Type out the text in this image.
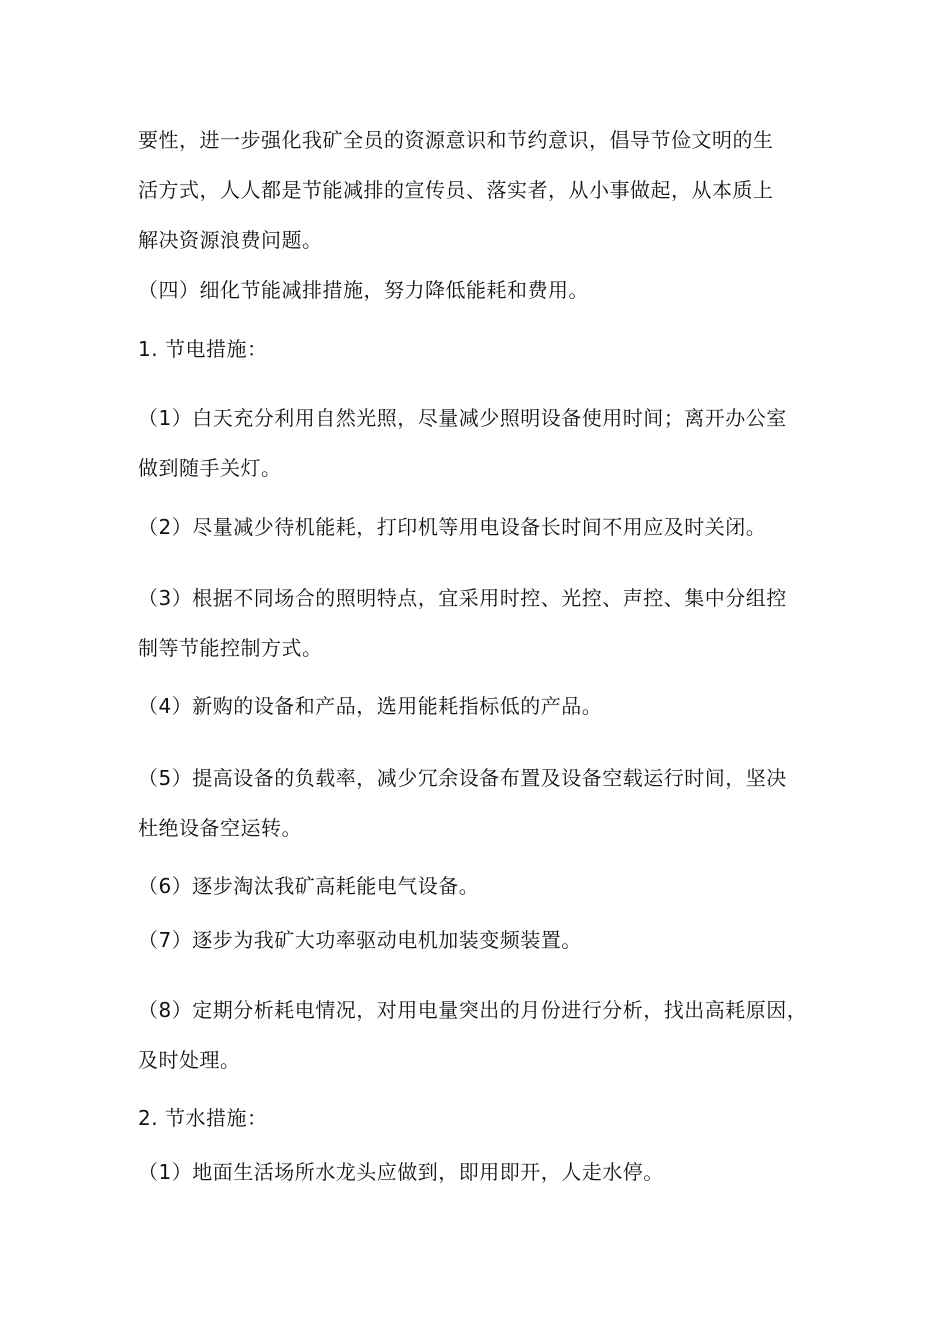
要性，进一步强化我矿全员的资源意识和节约意识，倡导节俭文明的生
活方式，人人都是节能减排的宣传员、落实者，从小事做起，从本质上
解决资源浪费问题。
（四）细化节能减排措施，努力降低能耗和费用。
1. 节电措施：
（1）白天充分利用自然光照，尽量减少照明设备使用时间；离开办公室
做到随手关灯。
（2）尽量减少待机能耗，打印机等用电设备长时间不用应及时关闭。
（3）根据不同场合的照明特点，宜采用时控、光控、声控、集中分组控
制等节能控制方式。
（4）新购的设备和产品，选用能耗指标低的产品。
（5）提高设备的负载率，减少冗余设备布置及设备空载运行时间，坚决
杜绝设备空运转。
（6）逐步淘汰我矿高耗能电气设备。
（7）逐步为我矿大功率驱动电机加装变频装置。
（8）定期分析耗电情况，对用电量突出的月份进行分析，找出高耗原因，
及时处理。
2. 节水措施：
（1）地面生活场所水龙头应做到，即用即开，人走水停。
